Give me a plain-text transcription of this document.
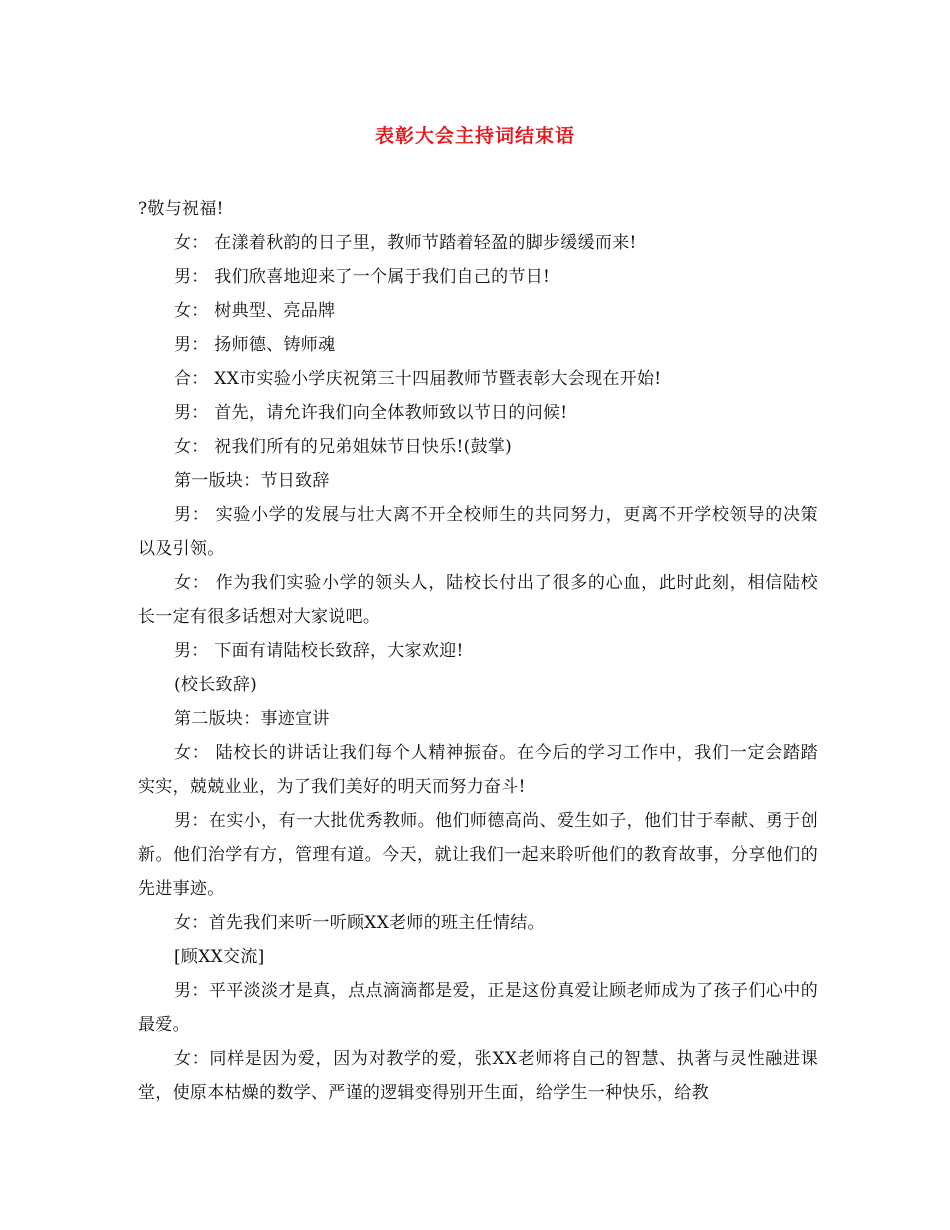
表彰大会主持词结束语

?敬与祝福!

女： 在漾着秋韵的日子里，教师节踏着轻盈的脚步缓缓而来!

男： 我们欣喜地迎来了一个属于我们自己的节日!

女： 树典型、亮品牌

男： 扬师德、铸师魂

合： XX市实验小学庆祝第三十四届教师节暨表彰大会现在开始!

男： 首先，请允许我们向全体教师致以节日的问候!

女： 祝我们所有的兄弟姐妹节日快乐!(鼓掌)

第一版块：节日致辞

男： 实验小学的发展与壮大离不开全校师生的共同努力，更离不开学校领导的决策以及引领。

女： 作为我们实验小学的领头人，陆校长付出了很多的心血，此时此刻，相信陆校长一定有很多话想对大家说吧。

男： 下面有请陆校长致辞，大家欢迎!

(校长致辞)

第二版块：事迹宣讲

女： 陆校长的讲话让我们每个人精神振奋。在今后的学习工作中，我们一定会踏踏实实，兢兢业业，为了我们美好的明天而努力奋斗!

男：在实小，有一大批优秀教师。他们师德高尚、爱生如子，他们甘于奉献、勇于创新。他们治学有方，管理有道。今天，就让我们一起来聆听他们的教育故事，分享他们的先进事迹。

女：首先我们来听一听顾XX老师的班主任情结。

[顾XX交流]

男：平平淡淡才是真，点点滴滴都是爱，正是这份真爱让顾老师成为了孩子们心中的最爱。

女：同样是因为爱，因为对教学的爱，张XX老师将自己的智慧、执著与灵性融进课堂，使原本枯燥的数学、严谨的逻辑变得别开生面，给学生一种快乐，给教
